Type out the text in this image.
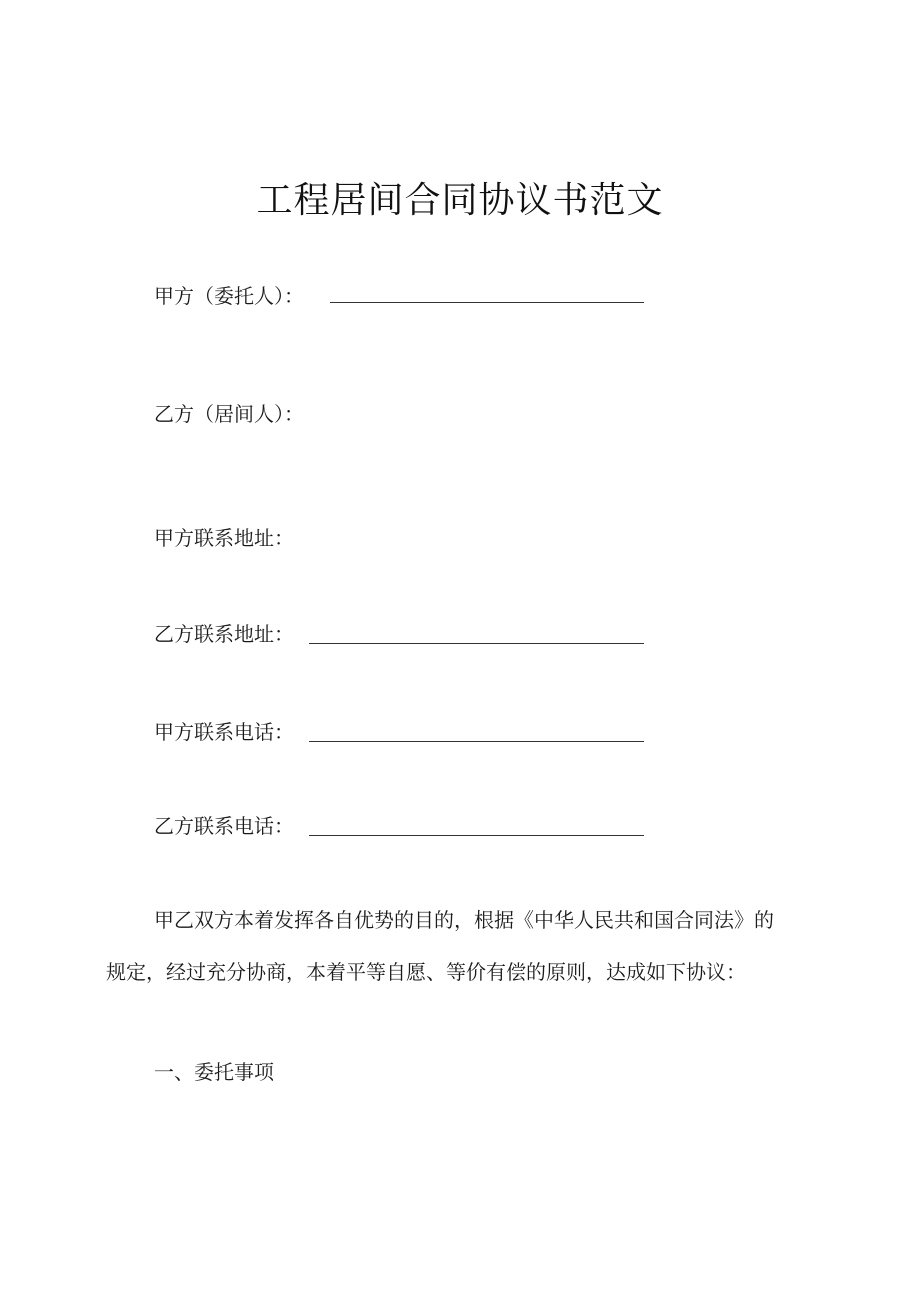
工程居间合同协议书范文
甲方（委托人）：
乙方（居间人）：
甲方联系地址：
乙方联系地址：
甲方联系电话：
乙方联系电话：
甲乙双方本着发挥各自优势的目的，根据《中华人民共和国合同法》的
规定，经过充分协商，本着平等自愿、等价有偿的原则，达成如下协议：
一、委托事项
